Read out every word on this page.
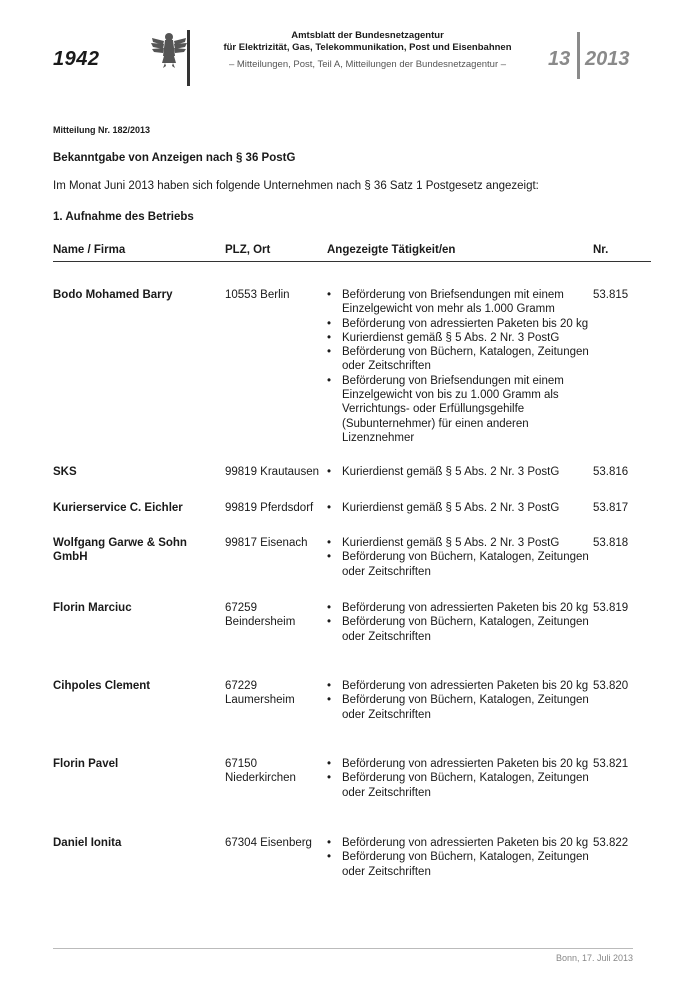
1942
Amtsblatt der Bundesnetzagentur
für Elektrizität, Gas, Telekommunikation, Post und Eisenbahnen
– Mitteilungen, Post, Teil A, Mitteilungen der Bundesnetzagentur –	13 2013
Mitteilung Nr. 182/2013
Bekanntgabe von Anzeigen nach § 36 PostG
Im Monat Juni 2013 haben sich folgende Unternehmen nach § 36 Satz 1 Postgesetz angezeigt:
1. Aufnahme des Betriebs
Name / Firma	PLZ, Ort	Angezeigte Tätigkeit/en	Nr.
Bodo Mohamed Barry	10553 Berlin	• Beförderung von Briefsendungen mit einem Einzelgewicht von mehr als 1.000 Gramm
• Beförderung von adressierten Paketen bis 20 kg
• Kurierdienst gemäß § 5 Abs. 2 Nr. 3 PostG
• Beförderung von Büchern, Katalogen, Zeitungen oder Zeitschriften
• Beförderung von Briefsendungen mit einem Einzelgewicht von bis zu 1.000 Gramm als Verrichtungs- oder Erfüllungsgehilfe (Subunternehmer) für einen anderen Lizenznehmer
53.815
SKS	99819 Krautausen	• Kurierdienst gemäß § 5 Abs. 2 Nr. 3 PostG	53.816
Kurierservice C. Eichler	99819 Pferdsdorf	• Kurierdienst gemäß § 5 Abs. 2 Nr. 3 PostG	53.817
Wolfgang Garwe & Sohn GmbH
99817 Eisenach	• Kurierdienst gemäß § 5 Abs. 2 Nr. 3 PostG
• Beförderung von Büchern, Katalogen, Zeitungen oder Zeitschriften
53.818
Florin Marciuc	67259 Beindersheim
• Beförderung von adressierten Paketen bis 20 kg
• Beförderung von Büchern, Katalogen, Zeitungen oder Zeitschriften
53.819
Cihpoles Clement	67229 Laumersheim
• Beförderung von adressierten Paketen bis 20 kg
• Beförderung von Büchern, Katalogen, Zeitungen oder Zeitschriften
53.820
Florin Pavel	67150 Niederkirchen
• Beförderung von adressierten Paketen bis 20 kg
• Beförderung von Büchern, Katalogen, Zeitungen oder Zeitschriften
53.821
Daniel Ionita	67304 Eisenberg	• Beförderung von adressierten Paketen bis 20 kg
• Beförderung von Büchern, Katalogen, Zeitungen oder Zeitschriften
53.822
Bonn, 17. Juli 2013
